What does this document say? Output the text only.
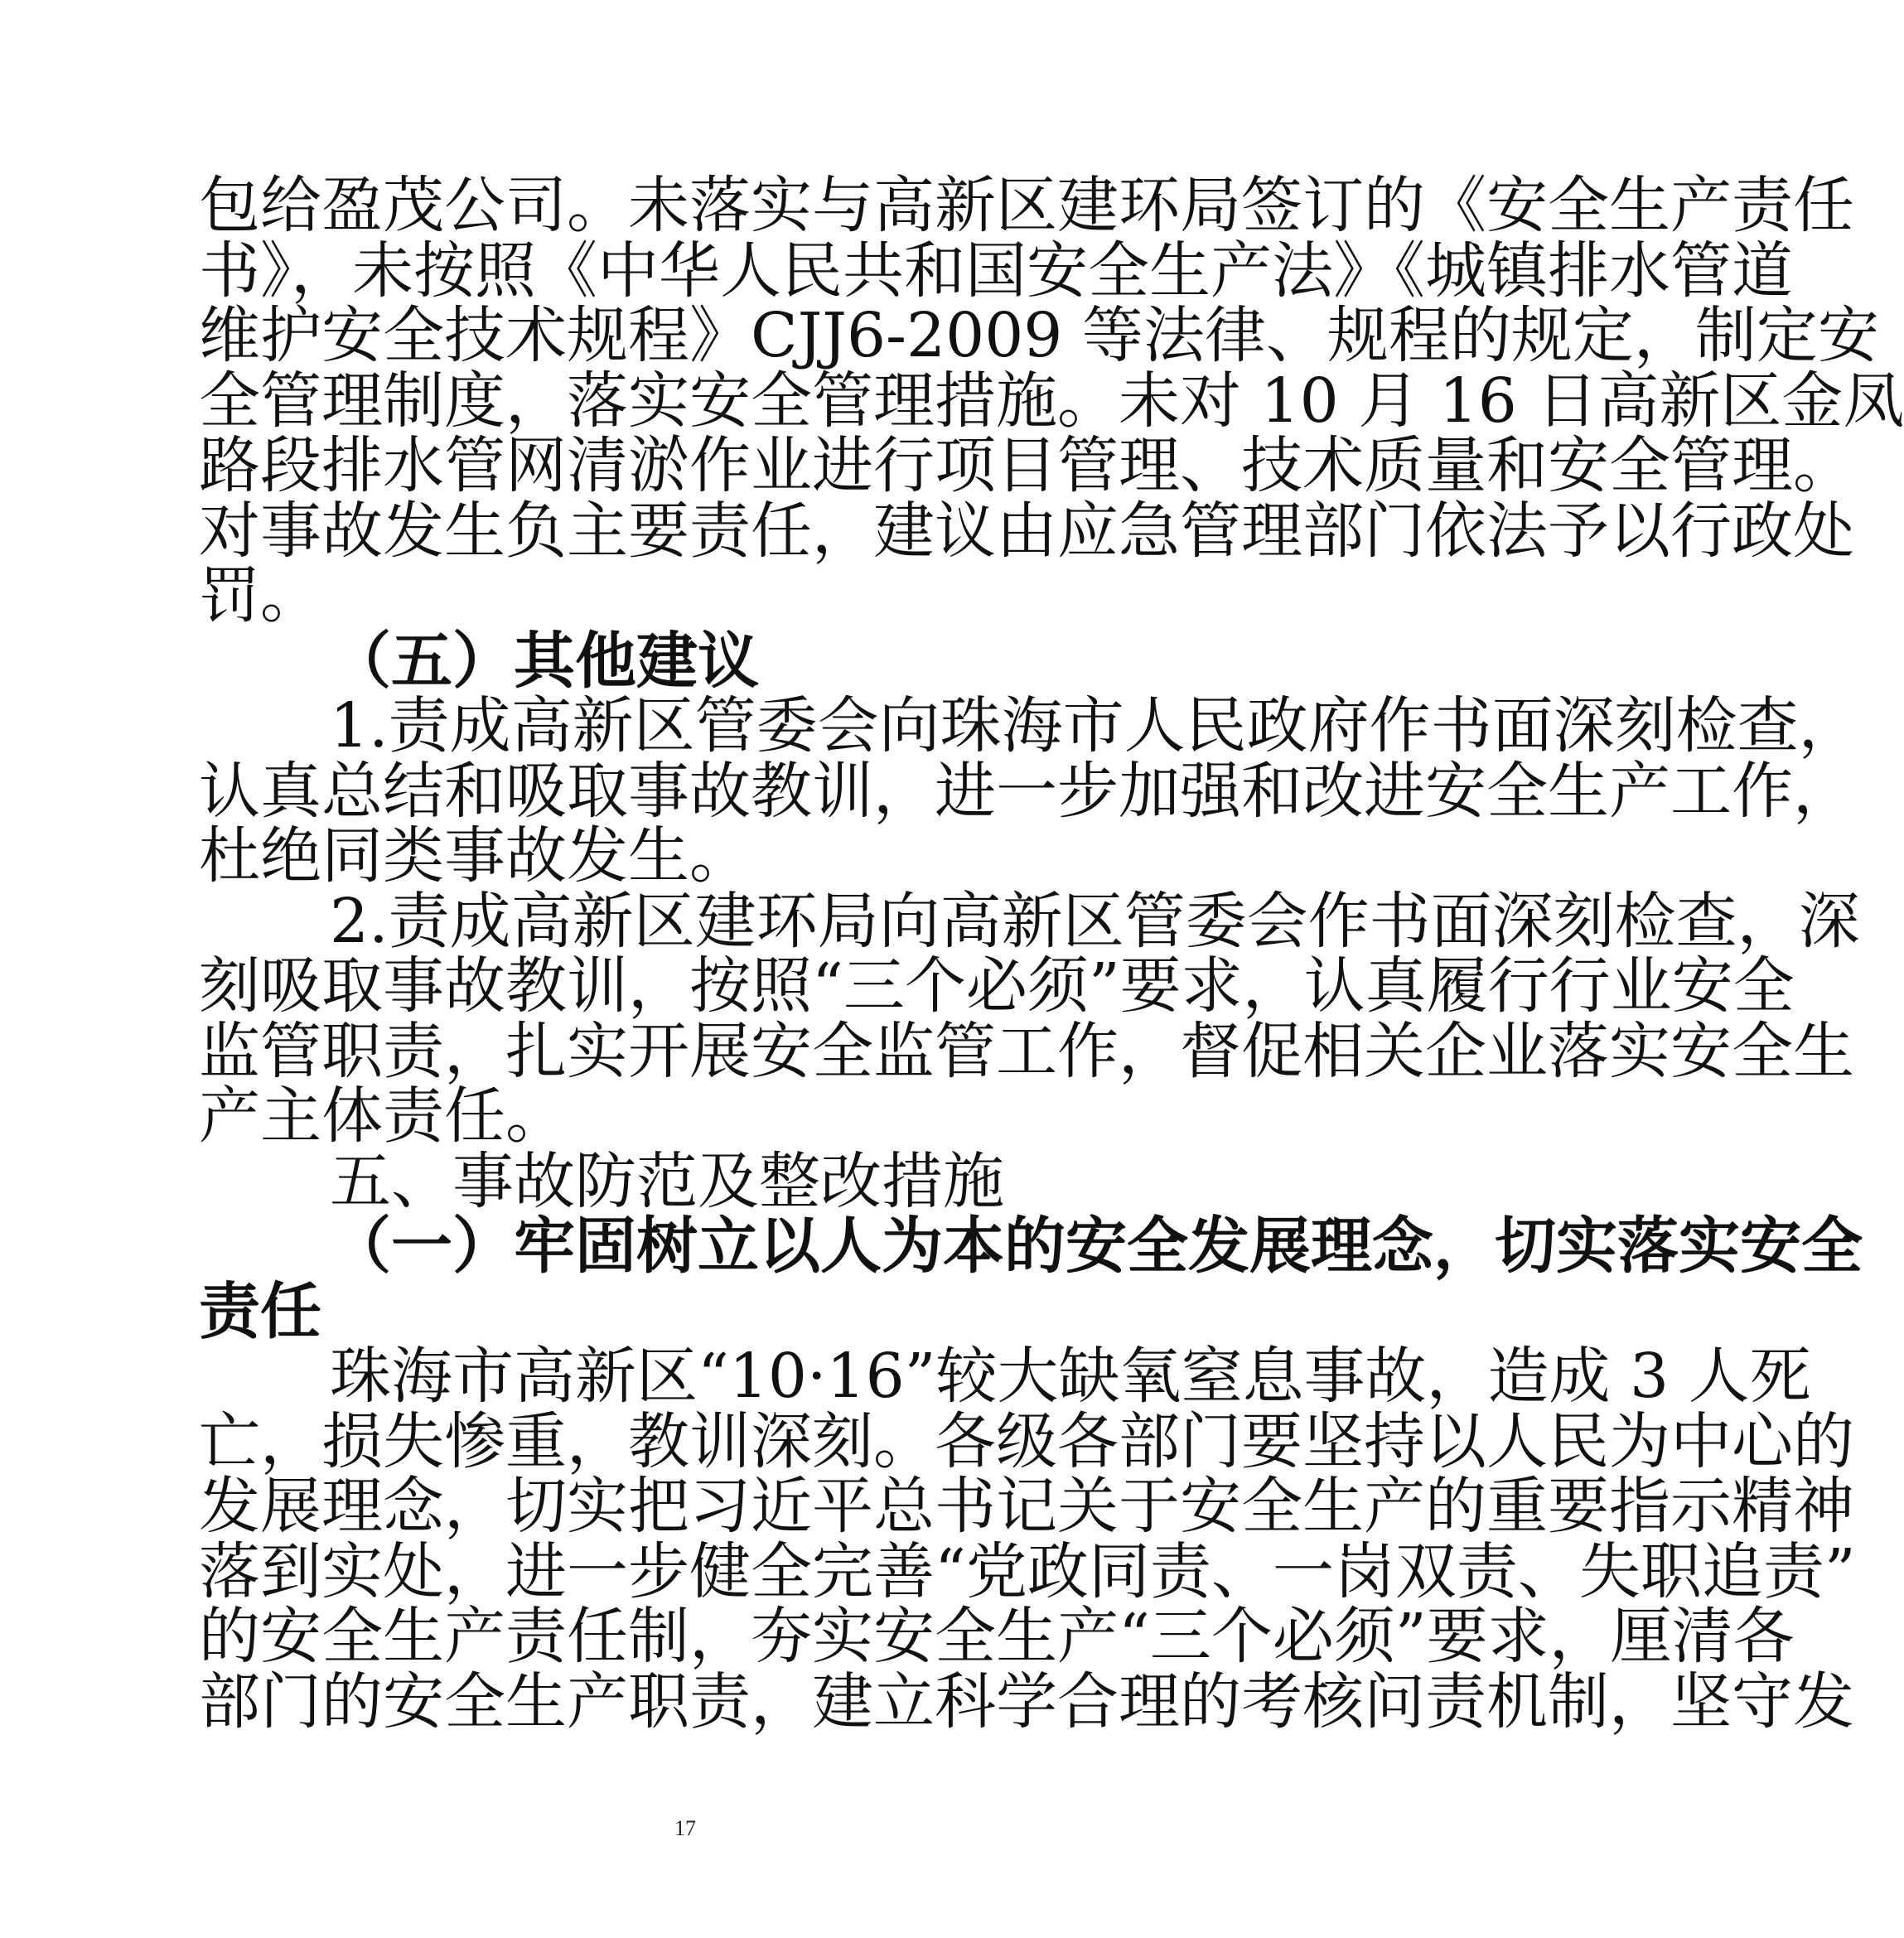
包给盈茂公司。未落实与高新区建环局签订的《安全生产责任
书》，未按照《中华人民共和国安全生产法》《城镇排水管道
维护安全技术规程》CJJ6-2009 等法律、规程的规定，制定安
全管理制度，落实安全管理措施。未对 10 月 16 日高新区金凤
路段排水管网清淤作业进行项目管理、技术质量和安全管理。
对事故发生负主要责任，建议由应急管理部门依法予以行政处
罚。
（五）其他建议
1.责成高新区管委会向珠海市人民政府作书面深刻检查，
认真总结和吸取事故教训，进一步加强和改进安全生产工作，
杜绝同类事故发生。
2.责成高新区建环局向高新区管委会作书面深刻检查，深
刻吸取事故教训，按照“三个必须”要求，认真履行行业安全
监管职责，扎实开展安全监管工作，督促相关企业落实安全生
产主体责任。
五、事故防范及整改措施
（一）牢固树立以人为本的安全发展理念，切实落实安全
责任
珠海市高新区“10·16”较大缺氧窒息事故，造成 3 人死
亡，损失惨重，教训深刻。各级各部门要坚持以人民为中心的
发展理念，切实把习近平总书记关于安全生产的重要指示精神
落到实处，进一步健全完善“党政同责、一岗双责、失职追责”
的安全生产责任制，夯实安全生产“三个必须”要求，厘清各
部门的安全生产职责，建立科学合理的考核问责机制，坚守发
17
